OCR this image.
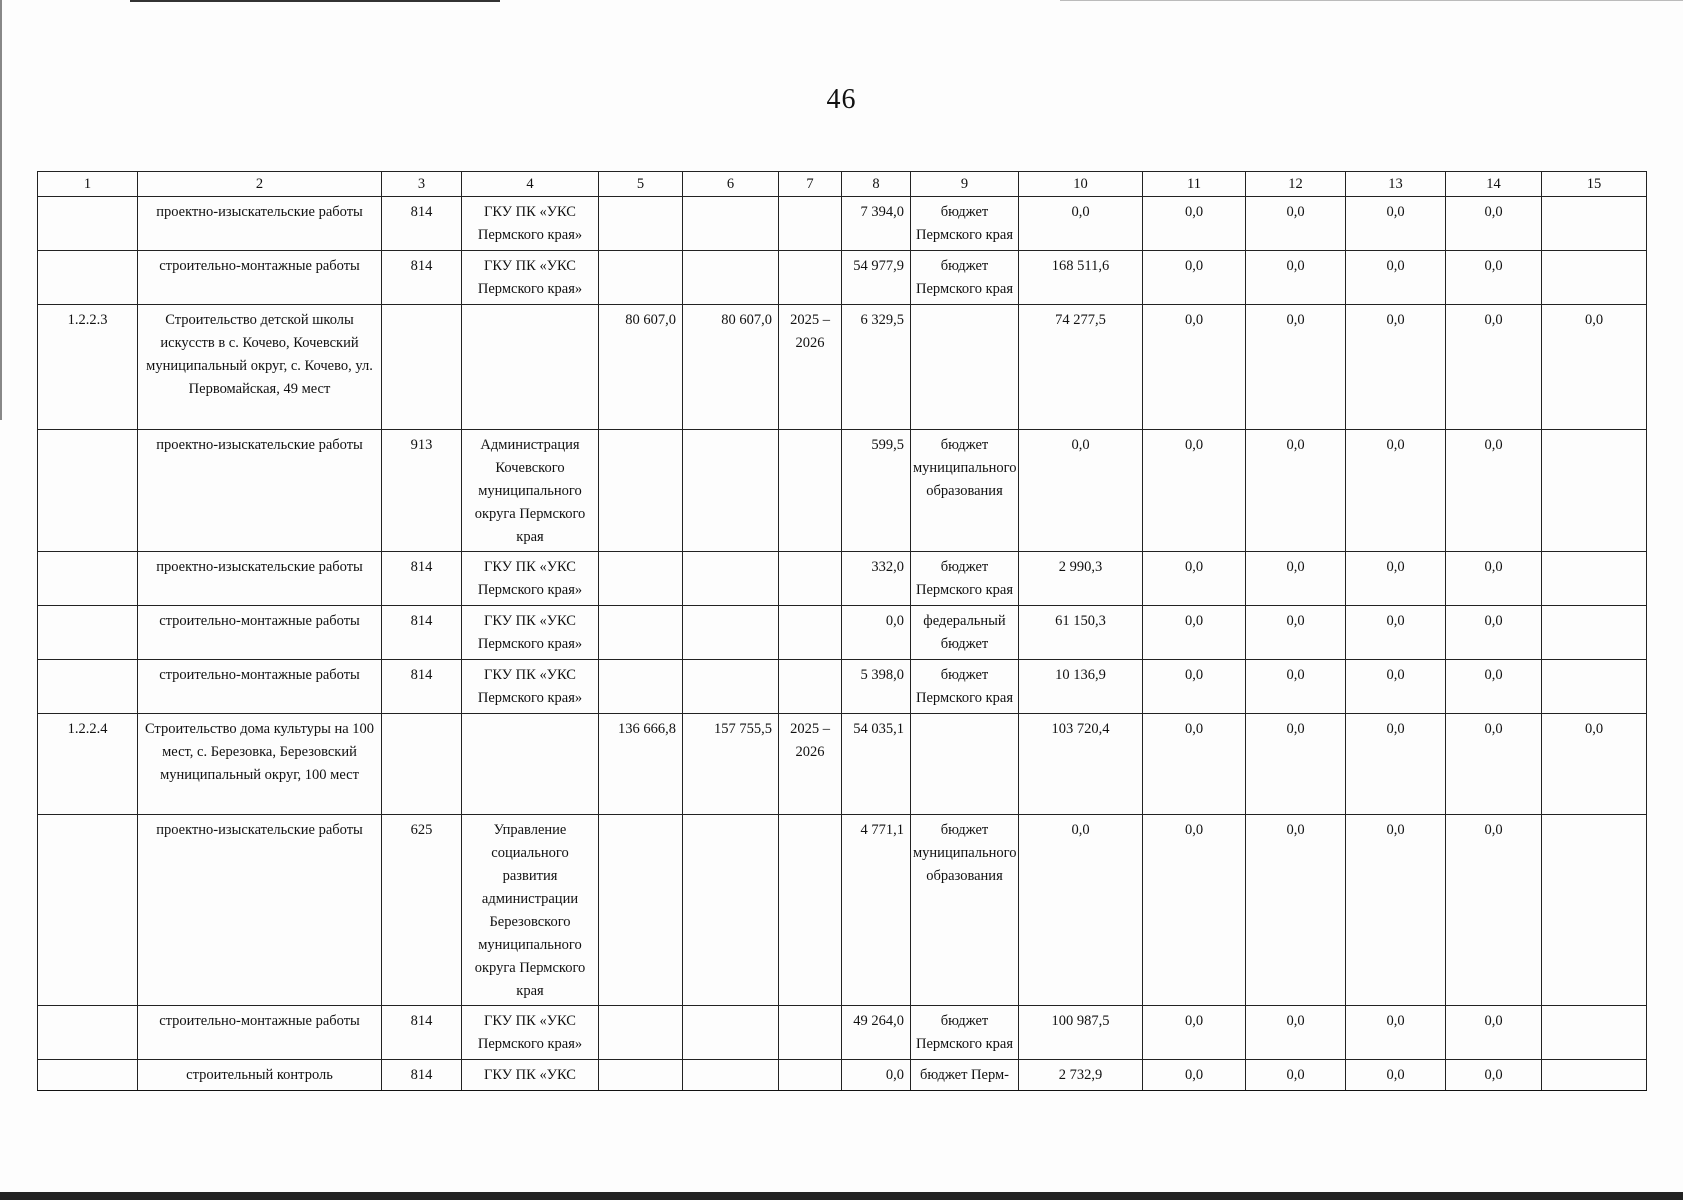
46
1	2	3	4	5	6	7	8	9	10	11	12	13	14	15
	проектно-изыскательские работы	814	ГКУ ПК «УКС Пермского края»				7 394,0	бюджет Пермского края	0,0	0,0	0,0	0,0	0,0	
	строительно-монтажные работы	814	ГКУ ПК «УКС Пермского края»				54 977,9	бюджет Пермского края	168 511,6	0,0	0,0	0,0	0,0	
1.2.2.3	Строительство детской школы искусств в с. Кочево, Кочевский муниципальный округ, с. Кочево, ул. Первомайская, 49 мест			80 607,0	80 607,0	2025 – 2026	6 329,5		74 277,5	0,0	0,0	0,0	0,0	0,0
	проектно-изыскательские работы	913	Администрация Кочевского муниципального округа Пермского края				599,5	бюджет муниципального образования	0,0	0,0	0,0	0,0	0,0	
	проектно-изыскательские работы	814	ГКУ ПК «УКС Пермского края»				332,0	бюджет Пермского края	2 990,3	0,0	0,0	0,0	0,0	
	строительно-монтажные работы	814	ГКУ ПК «УКС Пермского края»				0,0	федеральный бюджет	61 150,3	0,0	0,0	0,0	0,0	
	строительно-монтажные работы	814	ГКУ ПК «УКС Пермского края»				5 398,0	бюджет Пермского края	10 136,9	0,0	0,0	0,0	0,0	
1.2.2.4	Строительство дома культуры на 100 мест, с. Березовка, Березовский муниципальный округ, 100 мест			136 666,8	157 755,5	2025 – 2026	54 035,1		103 720,4	0,0	0,0	0,0	0,0	0,0
	проектно-изыскательские работы	625	Управление социального развития администрации Березовского муниципального округа Пермского края				4 771,1	бюджет муниципального образования	0,0	0,0	0,0	0,0	0,0	
	строительно-монтажные работы	814	ГКУ ПК «УКС Пермского края»				49 264,0	бюджет Пермского края	100 987,5	0,0	0,0	0,0	0,0	
	строительный контроль	814	ГКУ ПК «УКС				0,0	бюджет Перм-	2 732,9	0,0	0,0	0,0	0,0	
